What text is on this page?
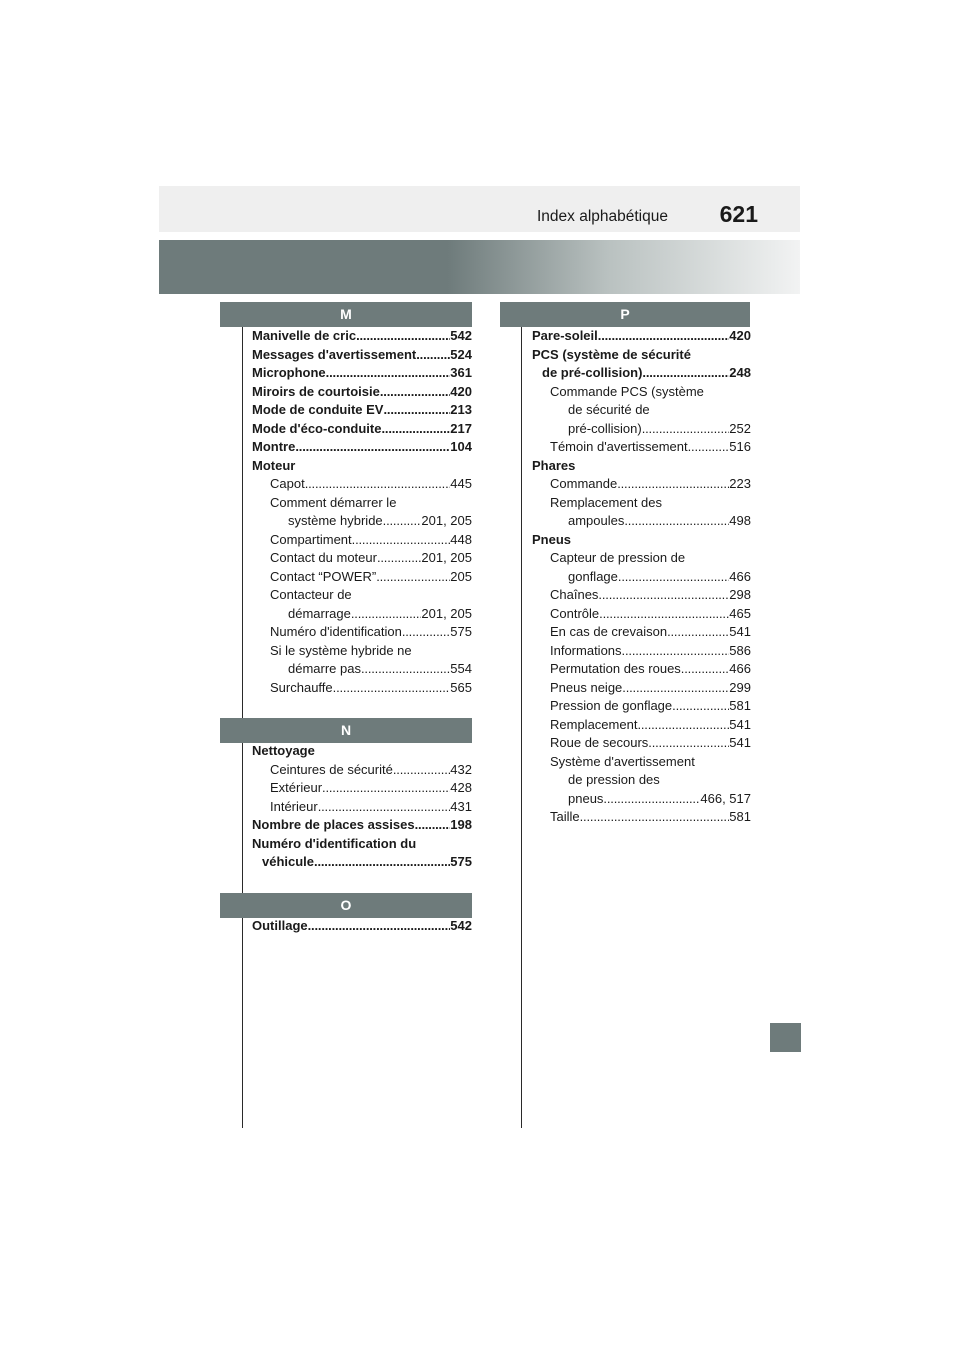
Index alphabétique 621
M
Manivelle de cric . . .	542
Messages d'avertissement . . .	524
Microphone . . .	361
Miroirs de courtoisie . . .	420
Mode de conduite EV . . .	213
Mode d'éco-conduite . . .	217
Montre . . .	104
Moteur
Capot . . .	445
Comment démarrer le
système hybride . . .	201, 205
Compartiment . . .	448
Contact du moteur . . .	201, 205
Contact “POWER” . . .	205
Contacteur de
démarrage . . .	201, 205
Numéro d'identification . . .	575
Si le système hybride ne
démarre pas . . .	554
Surchauffe . . .	565
N
Nettoyage
Ceintures de sécurité . . .	432
Extérieur . . .	428
Intérieur . . .	431
Nombre de places assises . . .	198
Numéro d'identification du
véhicule . . .	575
O
Outillage . . .	542
P
Pare-soleil . . .	420
PCS (système de sécurité
de pré-collision) . . .	248
Commande PCS (système
de sécurité de
pré-collision) . . .	252
Témoin d'avertissement . . .	516
Phares
Commande . . .	223
Remplacement des
ampoules . . .	498
Pneus
Capteur de pression de
gonflage . . .	466
Chaînes . . .	298
Contrôle . . .	465
En cas de crevaison . . .	541
Informations . . .	586
Permutation des roues . . .	466
Pneus neige . . .	299
Pression de gonflage . . .	581
Remplacement . . .	541
Roue de secours . . .	541
Système d'avertissement
de pression des
pneus . . .	466, 517
Taille . . .	581
